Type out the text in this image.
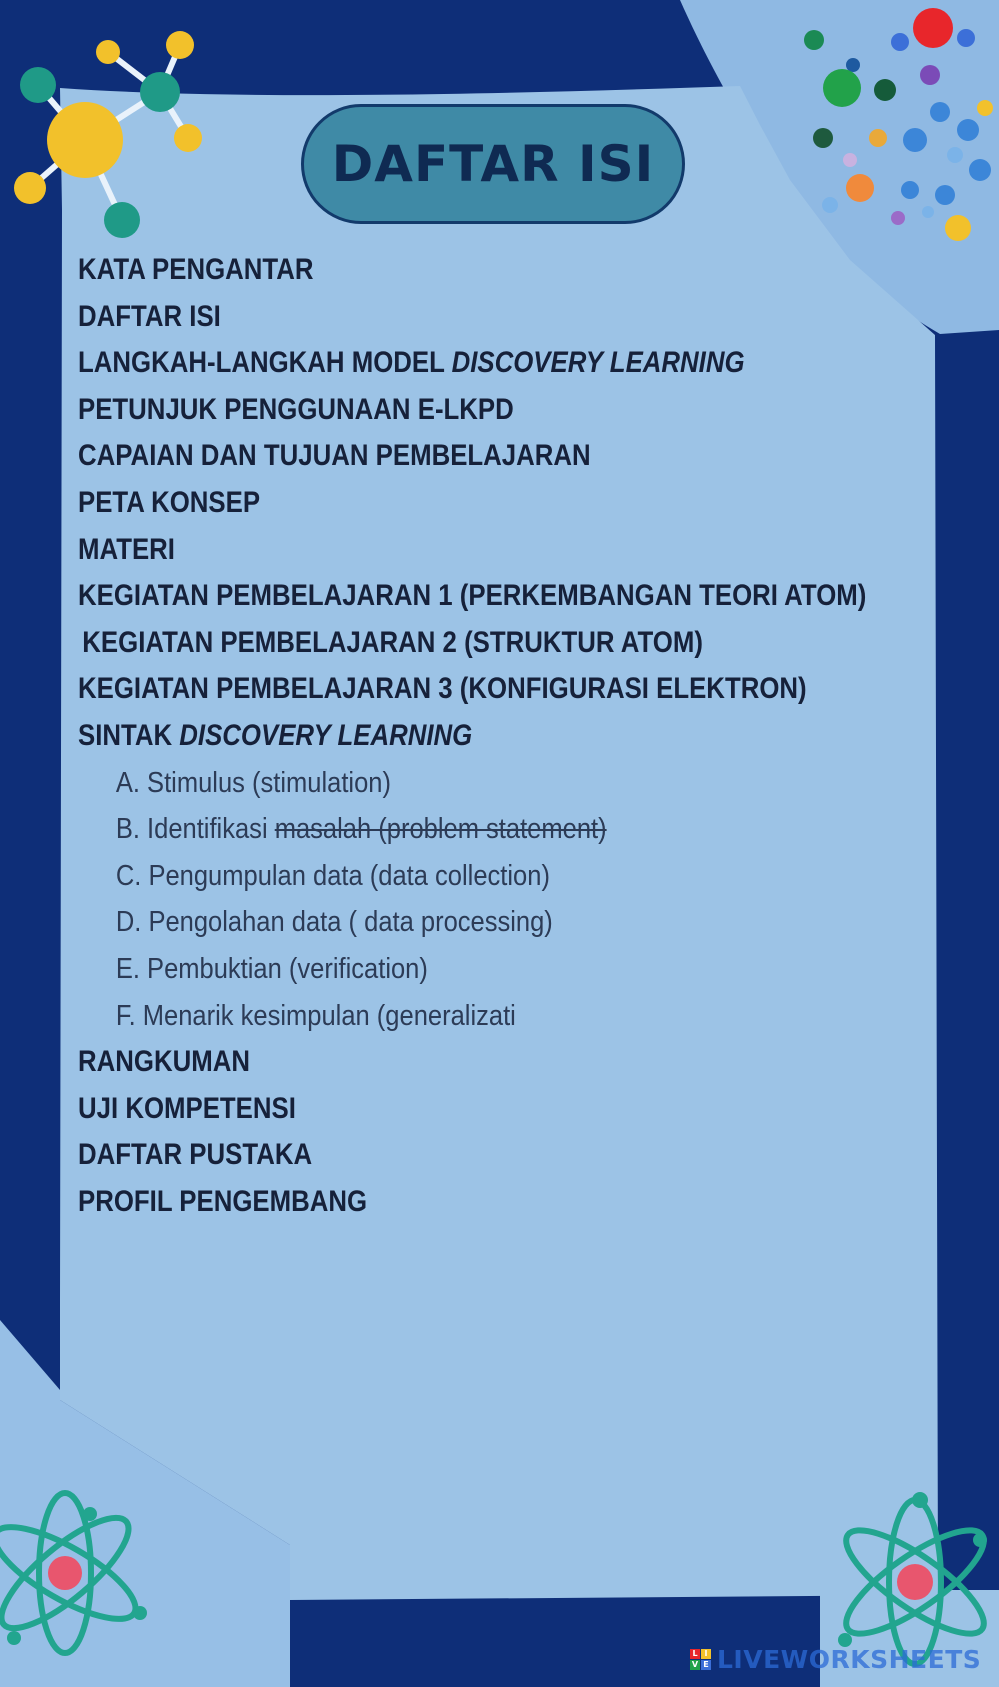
DAFTAR ISI
KATA PENGANTAR
DAFTAR ISI
LANGKAH-LANGKAH MODEL DISCOVERY LEARNING
PETUNJUK PENGGUNAAN E-LKPD
CAPAIAN DAN TUJUAN PEMBELAJARAN
PETA KONSEP
MATERI
KEGIATAN PEMBELAJARAN 1 (PERKEMBANGAN TEORI ATOM)
KEGIATAN PEMBELAJARAN 2 (STRUKTUR ATOM)
KEGIATAN PEMBELAJARAN 3 (KONFIGURASI ELEKTRON)
SINTAK DISCOVERY LEARNING
A. Stimulus (stimulation)
B. Identifikasi masalah (problem statement)
C. Pengumpulan data (data collection)
D. Pengolahan data ( data processing)
E. Pembuktian (verification)
F. Menarik kesimpulan (generalizati
RANGKUMAN
UJI KOMPETENSI
DAFTAR PUSTAKA
PROFIL PENGEMBANG
L I
V E LIVEWORKSHEETS
